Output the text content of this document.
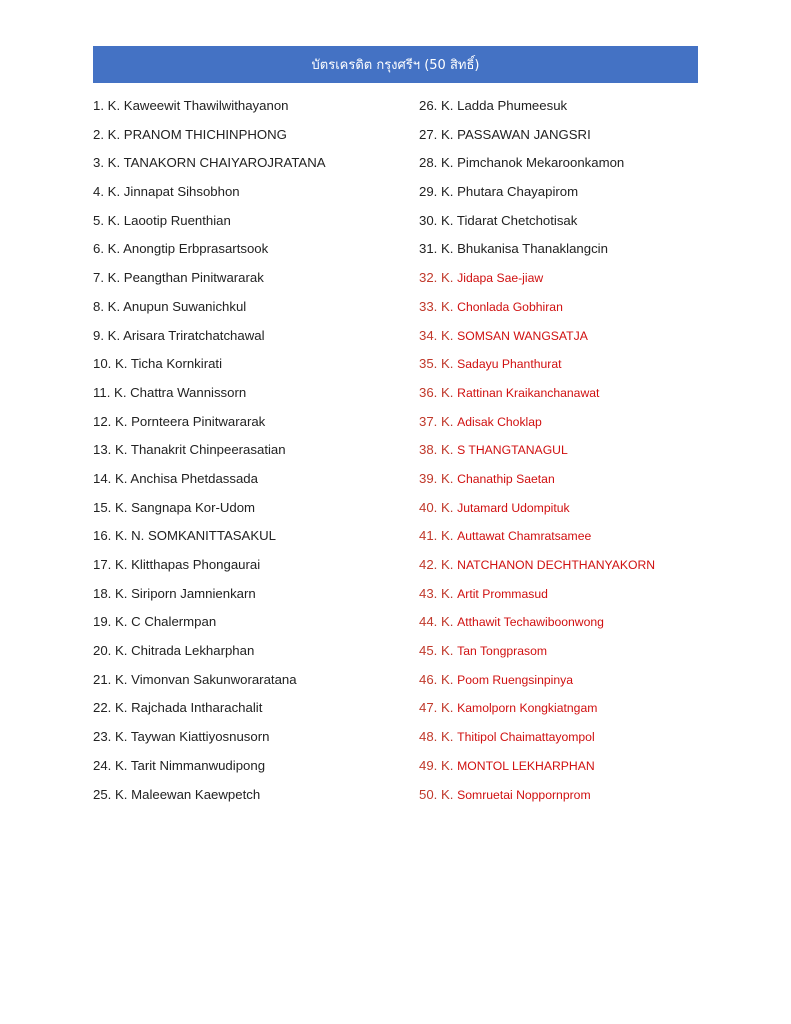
บัตรเครดิต กรุงศรีฯ (50 สิทธิ์)
1. K. Kaweewit Thawilwithayanon
2. K. PRANOM THICHINPHONG
3. K. TANAKORN CHAIYAROJRATANA
4. K. Jinnapat Sihsobhon
5. K. Laootip Ruenthian
6. K. Anongtip Erbprasartsook
7. K. Peangthan Pinitwararak
8. K. Anupun Suwanichkul
9. K. Arisara Triratchatchawal
10. K. Ticha Kornkirati
11. K. Chattra Wannissorn
12. K. Pornteera Pinitwararak
13. K. Thanakrit Chinpeerasatian
14. K. Anchisa Phetdassada
15. K. Sangnapa Kor-Udom
16. K. N. SOMKANITTASAKUL
17. K. Klitthapas Phongaurai
18. K. Siriporn Jamnienkarn
19. K. C Chalermpan
20. K. Chitrada Lekharphan
21. K. Vimonvan Sakunworaratana
22. K. Rajchada Intharachalit
23. K. Taywan Kiattiyosnusorn
24. K. Tarit Nimmanwudipong
25. K. Maleewan Kaewpetch
26. K. Ladda Phumeesuk
27. K. PASSAWAN JANGSRI
28. K. Pimchanok Mekaroonkamon
29. K. Phutara Chayapirom
30. K. Tidarat Chetchotisak
31. K. Bhukanisa Thanaklangcin
32. K. Jidapa Sae-jiaw
33. K. Chonlada Gobhiran
34. K. SOMSAN WANGSATJA
35. K. Sadayu Phanthurat
36. K. Rattinan Kraikanchanawat
37. K. Adisak Choklap
38. K. S THANGTANAGUL
39. K. Chanathip Saetan
40. K. Jutamard Udompituk
41. K. Auttawat Chamratsamee
42. K. NATCHANON DECHTHANYAKORN
43. K. Artit Prommasud
44. K. Atthawit Techawiboonwong
45. K. Tan Tongprasom
46. K. Poom Ruengsinpinya
47. K. Kamolporn Kongkiatngam
48. K. Thitipol Chaimattayompol
49. K. MONTOL LEKHARPHAN
50. K. Somruetai Noppornprom
